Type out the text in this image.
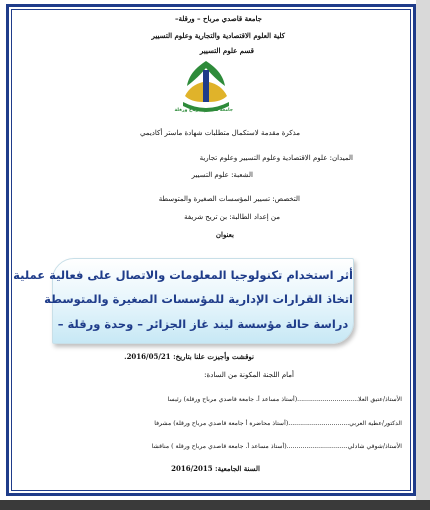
جامعة قاصدي مرباح – ورقلة–
كلية العلوم الاقتصادية والتجارية وعلوم التسيير
قسم علوم التسيير
جامعة قاصدي مرباح ورقلة
مذكرة مقدمة لاستكمال متطلبات شهادة ماستر أكاديمي
الميدان: علوم الاقتصادية وعلوم التسيير وعلوم تجارية
الشعبة: علوم التسيير
التخصص: تسيير المؤسسات الصغيرة والمتوسطة
من إعداد الطالبة: بن تريح شريفة
بعنوان
أثر استخدام تكنولوجيا المعلومات والاتصال على فعالية عملية
اتخاذ القرارات الإدارية للمؤسسات الصغيرة والمتوسطة
دراسة حالة مؤسسة ليند غاز الجزائر – وحدة ورقلة –
نوقشت وأجيزت علنا بتاريخ: 2016/05/21.
أمام اللجنة المكونة من السادة:
الأستاذ/عتيق العلا...............................(أستاذ مساعد أ. جامعة قاصدي مرباح ورقلة) رئيسا
الدكتور/عطية العربي...............................(أستاذ محاضرة أ جامعة قاصدي مرباح ورقلة) مشرفا
الأستاذ/شوقي شادلي...............................(أستاذ مساعد أ. جامعة قاصدي مرباح ورقلة ) مناقشا
السنة الجامعية: 2016/2015
